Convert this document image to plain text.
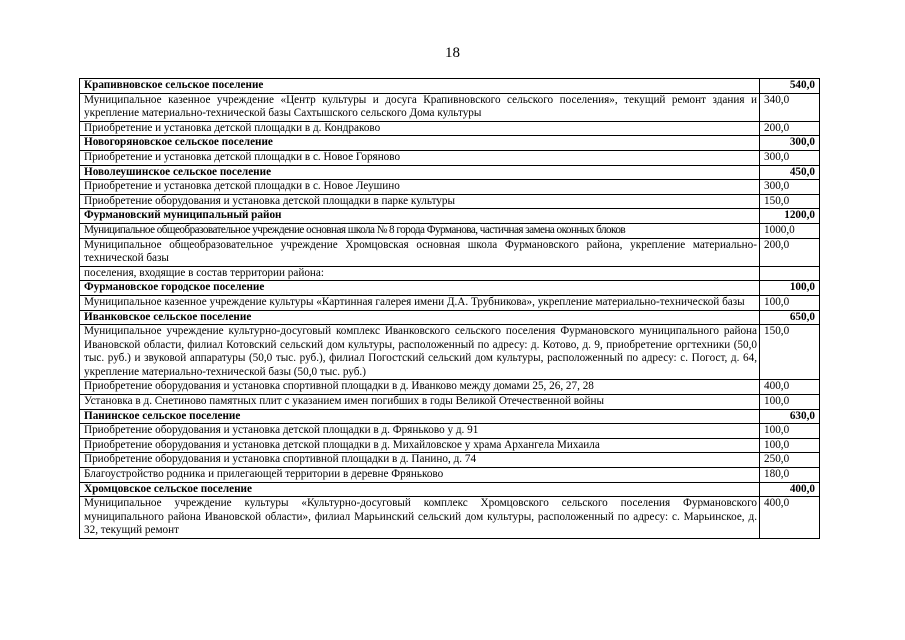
18
Крапивновское сельское поселение	540,0
Муниципальное казенное учреждение «Центр культуры и досуга Крапивновского сельского поселения», текущий ремонт здания и укрепление материально-технической базы Сахтышского сельского Дома культуры	340,0
Приобретение и установка детской площадки в д. Кондраково	200,0
Новогоряновское сельское поселение	300,0
Приобретение и установка детской площадки в с. Новое Горяново	300,0
Новолеушинское сельское поселение	450,0
Приобретение и установка детской площадки в с. Новое Леушино	300,0
Приобретение оборудования и установка детской площадки в парке культуры	150,0
Фурмановский муниципальный район	1200,0
Муниципальное общеобразовательное учреждение основная школа № 8 города Фурманова, частичная замена оконных блоков	1000,0
Муниципальное общеобразовательное учреждение Хромцовская основная школа Фурмановского района, укрепление материально-технической базы	200,0
поселения, входящие в состав территории района:	
Фурмановское городское поселение	100,0
Муниципальное казенное учреждение культуры «Картинная галерея имени Д.А. Трубникова», укрепление материально-технической базы	100,0
Иванковское сельское поселение	650,0
Муниципальное учреждение культурно-досуговый комплекс Иванковского сельского поселения Фурмановского муниципального района Ивановской области, филиал Котовский сельский дом культуры, расположенный по адресу: д. Котово, д. 9, приобретение оргтехники (50,0 тыс. руб.) и звуковой аппаратуры (50,0 тыс. руб.), филиал Погостский сельский дом культуры, расположенный по адресу: с. Погост, д. 64, укрепление материально-технической базы (50,0 тыс. руб.)	150,0
Приобретение оборудования и установка спортивной площадки в д. Иванково между домами 25, 26, 27, 28	400,0
Установка в д. Снетиново памятных плит с указанием имен погибших в годы Великой Отечественной войны	100,0
Панинское сельское поселение	630,0
Приобретение оборудования и установка детской площадки в д. Фряньково у д. 91	100,0
Приобретение оборудования и установка детской площадки в д. Михайловское у храма Архангела Михаила	100,0
Приобретение оборудования и установка спортивной площадки в д. Панино, д. 74	250,0
Благоустройство родника и прилегающей территории в деревне Фряньково	180,0
Хромцовское сельское поселение	400,0
Муниципальное учреждение культуры «Культурно-досуговый комплекс Хромцовского сельского поселения Фурмановского муниципального района Ивановской области», филиал Марьинский сельский дом культуры, расположенный по адресу: с. Марьинское, д. 32, текущий ремонт	400,0
